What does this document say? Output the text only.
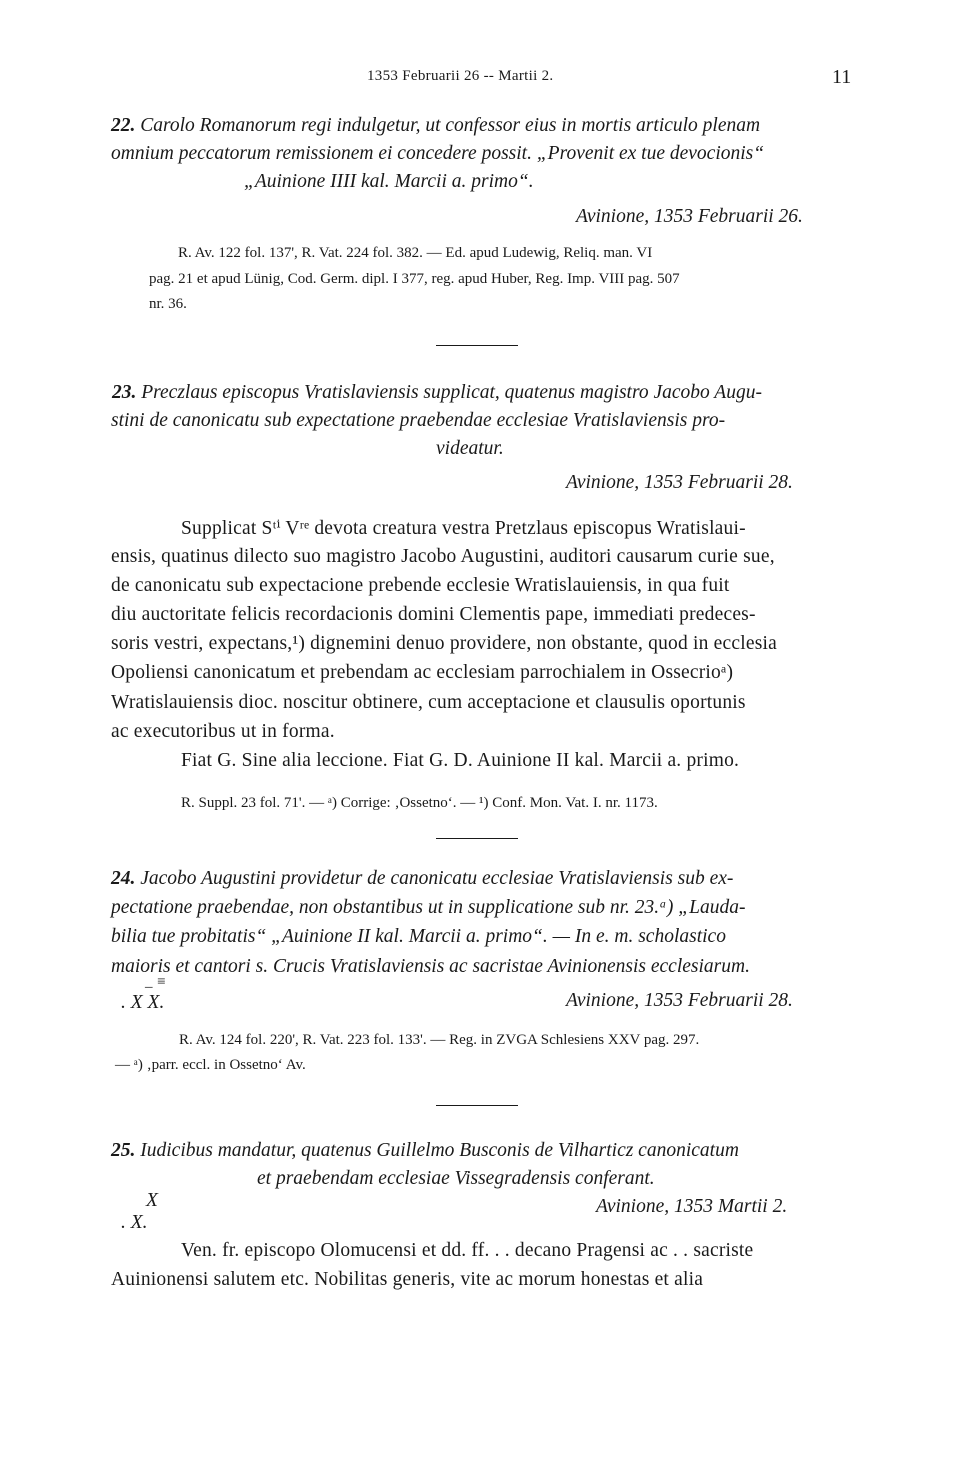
1353 Februarii 26 -- Martii 2.	11
22. Carolo Romanorum regi indulgetur, ut confessor eius in mortis articulo plenam
omnium peccatorum remissionem ei concedere possit. „Provenit ex tue devocionis“
„Auinione IIII kal. Marcii a. primo“.
Avinione, 1353 Februarii 26.
R. Av. 122 fol. 137', R. Vat. 224 fol. 382. — Ed. apud Ludewig, Reliq. man. VI
pag. 21 et apud Lünig, Cod. Germ. dipl. I 377, reg. apud Huber, Reg. Imp. VIII pag. 507
nr. 36.
23. Preczlaus episcopus Vratislaviensis supplicat, quatenus magistro Jacobo Augu-
stini de canonicatu sub expectatione praebendae ecclesiae Vratislaviensis pro-
videatur.
Avinione, 1353 Februarii 28.
Supplicat Sᵗⁱ Vʳᵉ devota creatura vestra Pretzlaus episcopus Wratislaui-
ensis, quatinus dilecto suo magistro Jacobo Augustini, auditori causarum curie sue,
de canonicatu sub expectacione prebende ecclesie Wratislauiensis, in qua fuit
diu auctoritate felicis recordacionis domini Clementis pape, immediati predeces-
soris vestri, expectans,¹) dignemini denuo providere, non obstante, quod in ecclesia
Opoliensi canonicatum et prebendam ac ecclesiam parrochialem in Ossecrioᵃ)
Wratislauiensis dioc. noscitur obtinere, cum acceptacione et clausulis oportunis
ac executoribus ut in forma.
Fiat G. Sine alia leccione. Fiat G. D. Auinione II kal. Marcii a. primo.
R. Suppl. 23 fol. 71'. — ᵃ) Corrige: ‚Ossetno‘. — ¹) Conf. Mon. Vat. I. nr. 1173.
24. Jacobo Augustini providetur de canonicatu ecclesiae Vratislaviensis sub ex-
pectatione praebendae, non obstantibus ut in supplicatione sub nr. 23.ᵃ) „Lauda-
bilia tue probitatis“ „Auinione II kal. Marcii a. primo“. — In e. m. scholastico
maioris et cantori s. Crucis Vratislaviensis ac sacristae Avinionensis ecclesiarum.
_ ≡
. X X.	Avinione, 1353 Februarii 28.
R. Av. 124 fol. 220', R. Vat. 223 fol. 133'. — Reg. in ZVGA Schlesiens XXV pag. 297.
— ᵃ) ‚parr. eccl. in Ossetno‘ Av.
25. Iudicibus mandatur, quatenus Guillelmo Busconis de Vilharticz canonicatum
et praebendam ecclesiae Vissegradensis conferant.
X
. X.
Avinione, 1353 Martii 2.
Ven. fr. episcopo Olomucensi et dd. ff. . . decano Pragensi ac . . sacriste
Auinionensi salutem etc. Nobilitas generis, vite ac morum honestas et alia
